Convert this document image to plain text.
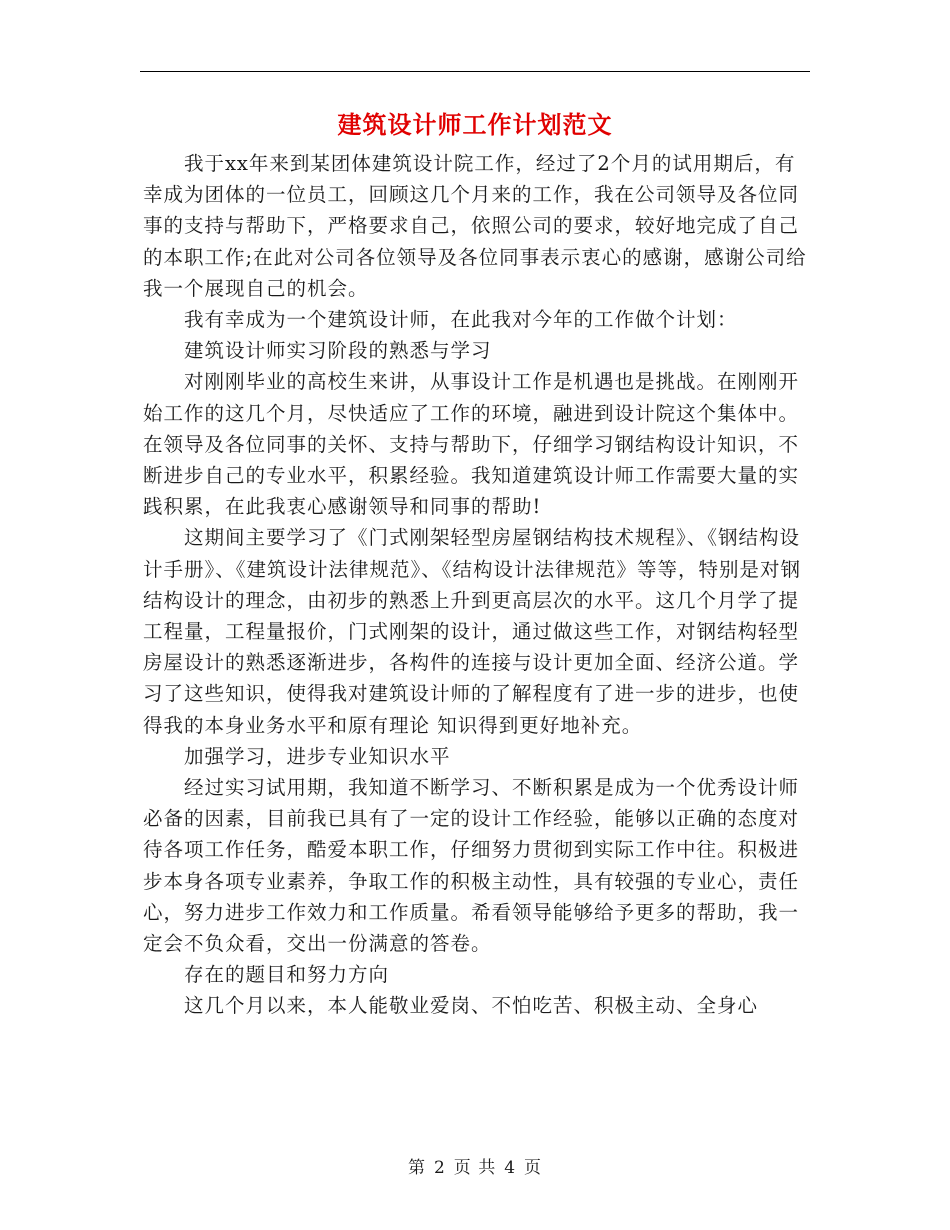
建筑设计师工作计划范文

我于xx年来到某团体建筑设计院工作，经过了2个月的试用期后，有幸成为团体的一位员工，回顾这几个月来的工作，我在公司领导及各位同事的支持与帮助下，严格要求自己，依照公司的要求，较好地完成了自己的本职工作;在此对公司各位领导及各位同事表示衷心的感谢，感谢公司给我一个展现自己的机会。

我有幸成为一个建筑设计师，在此我对今年的工作做个计划：

建筑设计师实习阶段的熟悉与学习

对刚刚毕业的高校生来讲，从事设计工作是机遇也是挑战。在刚刚开始工作的这几个月，尽快适应了工作的环境，融进到设计院这个集体中。在领导及各位同事的关怀、支持与帮助下，仔细学习钢结构设计知识，不断进步自己的专业水平，积累经验。我知道建筑设计师工作需要大量的实践积累，在此我衷心感谢领导和同事的帮助!

这期间主要学习了《门式刚架轻型房屋钢结构技术规程》、《钢结构设计手册》、《建筑设计法律规范》、《结构设计法律规范》等等，特别是对钢结构设计的理念，由初步的熟悉上升到更高层次的水平。这几个月学了提工程量，工程量报价，门式刚架的设计，通过做这些工作，对钢结构轻型房屋设计的熟悉逐渐进步，各构件的连接与设计更加全面、经济公道。学习了这些知识，使得我对建筑设计师的了解程度有了进一步的进步，也使得我的本身业务水平和原有理论 知识得到更好地补充。

加强学习，进步专业知识水平

经过实习试用期，我知道不断学习、不断积累是成为一个优秀设计师必备的因素，目前我已具有了一定的设计工作经验，能够以正确的态度对待各项工作任务，酷爱本职工作，仔细努力贯彻到实际工作中往。积极进步本身各项专业素养，争取工作的积极主动性，具有较强的专业心，责任心，努力进步工作效力和工作质量。希看领导能够给予更多的帮助，我一定会不负众看，交出一份满意的答卷。

存在的题目和努力方向

这几个月以来，本人能敬业爱岗、不怕吃苦、积极主动、全身心

第 2 页 共 4 页
